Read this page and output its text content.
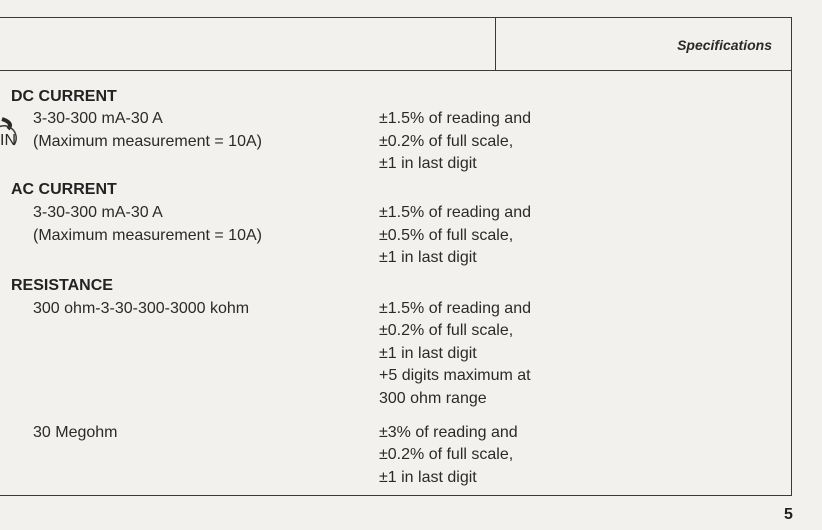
Specifications
IN
DC CURRENT
3-30-300 mA-30 A
(Maximum measurement = 10A)
±1.5% of reading and
±0.2% of full scale,
±1 in last digit
AC CURRENT
3-30-300 mA-30 A
(Maximum measurement = 10A)
±1.5% of reading and
±0.5% of full scale,
±1 in last digit
RESISTANCE
300 ohm-3-30-300-3000 kohm	±1.5% of reading and
±0.2% of full scale,
±1 in last digit
+5 digits maximum at
300 ohm range
30 Megohm	±3% of reading and
±0.2% of full scale,
±1 in last digit
5
